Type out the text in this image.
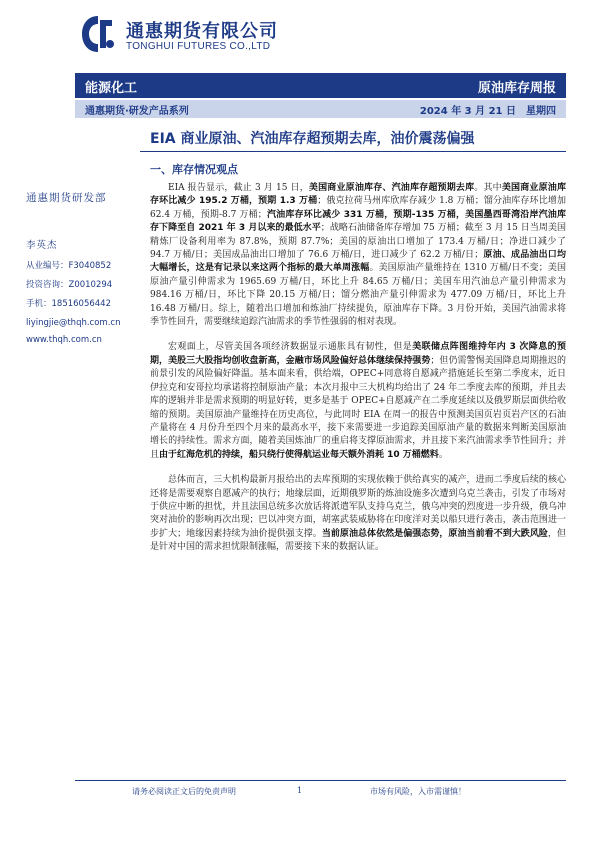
通惠期货有限公司
TONGHUI FUTURES CO.,LTD
能源化工	原油库存周报
通惠期货·研发产品系列	2024 年 3 月 21 日　星期四
EIA 商业原油、汽油库存超预期去库，油价震荡偏强
一、库存情况观点
通惠期货研发部
李英杰
从业编号：F3040852
投资咨询：Z0010294
手机：18516056442
liyingjie@thqh.com.cn
www.thqh.com.cn

EIA 报告显示，截止 3 月 15 日，美国商业原油库存、汽油库存超预期去库。其中美国商业原油库存环比减少 195.2 万桶，预期 1.3 万桶；俄克拉荷马州库欣库存减少 1.8 万桶；馏分油库存环比增加 62.4 万桶，预期-8.7 万桶；汽油库存环比减少 331 万桶，预期-135 万桶，美国墨西哥湾沿岸汽油库存下降至自 2021 年 3 月以来的最低水平；战略石油储备库存增加 75 万桶；截至 3 月 15 日当周美国精炼厂设备利用率为 87.8%，预期 87.7%；美国的原油出口增加了 173.4 万桶/日；净进口减少了 94.7 万桶/日；美国成品油出口增加了 76.6 万桶/日，进口减少了 62.2 万桶/日；原油、成品油出口均大幅增长，这是有记录以来这两个指标的最大单周涨幅。美国原油产量维持在 1310 万桶/日不变；美国原油产量引伸需求为 1965.69 万桶/日，环比上升 84.65 万桶/日；美国车用汽油总产量引伸需求为 984.16 万桶/日，环比下降 20.15 万桶/日；馏分燃油产量引伸需求为 477.09 万桶/日，环比上升 16.48 万桶/日。综上，随着出口增加和炼油厂持续提负，原油库存下降。3 月份开始，美国汽油需求将季节性回升，需要继续追踪汽油需求的季节性强弱的相对表现。

宏观面上，尽管美国各项经济数据显示通胀具有韧性，但是美联储点阵图维持年内 3 次降息的预期，美股三大股指均创收盘新高，金融市场风险偏好总体继续保持强势；但仍需警惕美国降息周期推迟的前景引发的风险偏好降温。基本面来看，供给端，OPEC+同意将自愿减产措施延长至第二季度末，近日伊拉克和安哥拉均承诺将控制原油产量；本次月报中三大机构均给出了 24 年二季度去库的预期，并且去库的逻辑并非是需求预期的明显好转，更多是基于 OPEC+自愿减产在二季度延续以及俄罗斯层面供给收缩的预期。美国原油产量维持在历史高位，与此同时 EIA 在周一的报告中预测美国页岩页岩产区的石油产量将在 4 月份升至四个月来的最高水平，接下来需要进一步追踪美国原油产量的数据来判断美国原油增长的持续性。需求方面，随着美国炼油厂的重启将支撑原油需求，并且接下来汽油需求季节性回升；并且由于红海危机的持续，船只绕行使得航运业每天额外消耗 10 万桶燃料。

总体而言，三大机构最新月报给出的去库预期的实现依赖于供给真实的减产，进而二季度后续的核心还将是需要观察自愿减产的执行；地缘层面，近期俄罗斯的炼油设施多次遭到乌克兰袭击，引发了市场对于供应中断的担忧，并且法国总统多次放话将派遣军队支持乌克兰，俄乌冲突的烈度进一步升级，俄乌冲突对油价的影响再次出现；巴以冲突方面，胡塞武装威胁将在印度洋对美以船只进行袭击，袭击范围进一步扩大；地缘因素持续为油价提供强支撑。当前原油总体依然是偏强态势，原油当前看不到大跌风险，但是针对中国的需求担忧限制涨幅，需要接下来的数据认证。

请务必阅读正文后的免责声明	1	市场有风险，入市需谨慎！
